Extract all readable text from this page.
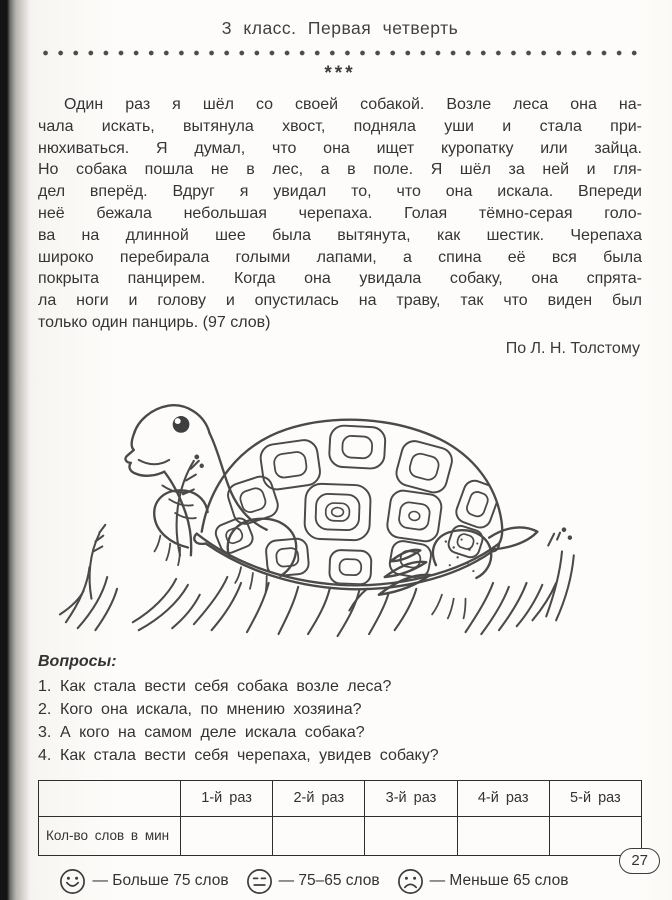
3 класс. Первая четверть
***
Один раз я шёл со своей собакой. Возле леса она на-
чала искать, вытянула хвост, подняла уши и стала при-
нюхиваться. Я думал, что она ищет куропатку или зайца.
Но собака пошла не в лес, а в поле. Я шёл за ней и гля-
дел вперёд. Вдруг я увидал то, что она искала. Впереди
неё бежала небольшая черепаха. Голая тёмно-серая голо-
ва на длинной шее была вытянута, как шестик. Черепаха
широко перебирала голыми лапами, а спина её вся была
покрыта панцирем. Когда она увидала собаку, она спрята-
ла ноги и голову и опустилась на траву, так что виден был
только один панцирь. (97 слов)
По Л. Н. Толстому
Вопросы:
1. Как стала вести себя собака возле леса?
2. Кого она искала, по мнению хозяина?
3. А кого на самом деле искала собака?
4. Как стала вести себя черепаха, увидев собаку?
	1-й раз	2-й раз	3-й раз	4-й раз	5-й раз
Кол-во слов в мин					
— Больше 75 слов	— 75–65 слов	— Меньше 65 слов
27
